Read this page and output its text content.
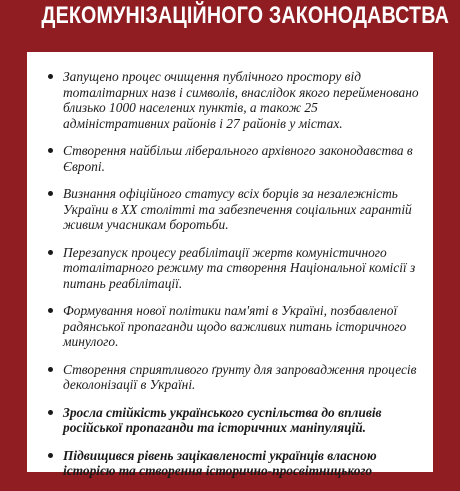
ДЕКОМУНІЗАЦІЙНОГО ЗАКОНОДАВСТВА
Запущено процес очищення публічного простору від тоталітарних назв і символів, внаслідок якого перейменовано близько 1000 населених пунктів, а також 25 адміністративних районів і 27 районів у містах.
Створення найбільш ліберального архівного законодавства в Європі.
Визнання офіційного статусу всіх борців за незалежність України в ХХ столітті та забезпечення соціальних гарантій живим учасникам боротьби.
Перезапуск процесу реабілітації жертв комуністичного тоталітарного режиму та створення Національної комісії з питань реабілітації.
Формування нової політики пам'яті в Україні, позбавленої радянської пропаганди щодо важливих питань історичного минулого.
Створення сприятливого ґрунту для запровадження процесів деколонізації в Україні.
Зросла стійкість українського суспільства до впливів російської пропаганди та історичних маніпуляцій.
Підвищився рівень зацікавленості українців власною історією та створення історично-просвітницького
